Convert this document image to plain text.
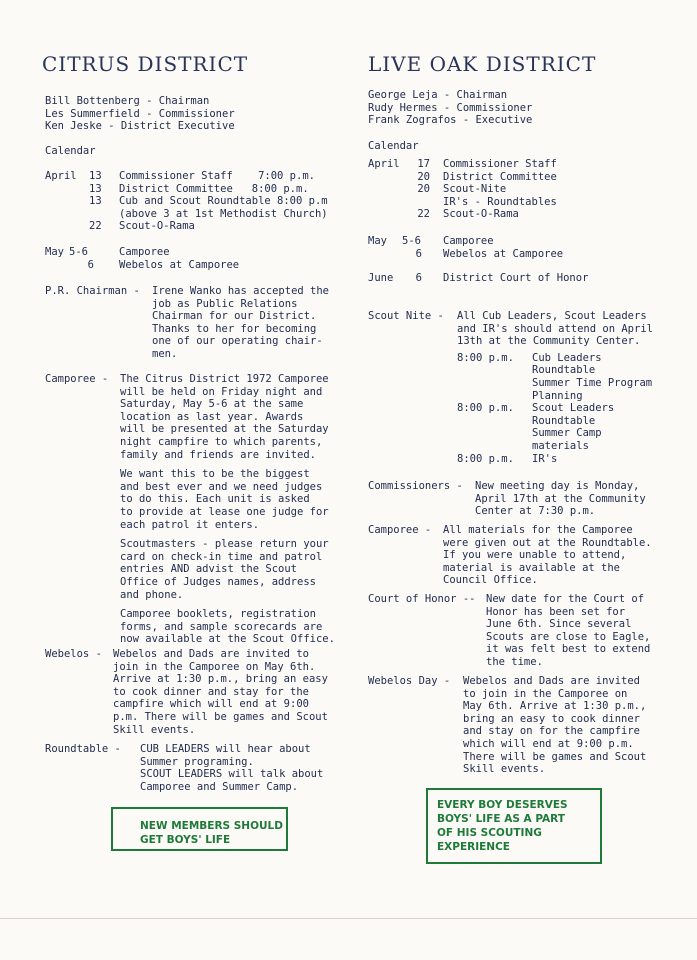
CITRUS DISTRICT
Bill Bottenberg - Chairman
Les Summerfield - Commissioner
Ken Jeske - District Executive
Calendar
April	13 Commissioner Staff    7:00 p.m.
13 District Committee   8:00 p.m.
13 Cub and Scout Roundtable 8:00 p.m
(above 3 at 1st Methodist Church)
22 Scout-O-Rama
May 5-6	Camporee
6 Webelos at Camporee
P.R. Chairman -	Irene Wanko has accepted the
job as Public Relations
Chairman for our District.
Thanks to her for becoming
one of our operating chair-
men.
Camporee -	The Citrus District 1972 Camporee
will be held on Friday night and
Saturday, May 5-6 at the same
location as last year. Awards
will be presented at the Saturday
night campfire to which parents,
family and friends are invited.
We want this to be the biggest
and best ever and we need judges
to do this. Each unit is asked
to provide at lease one judge for
each patrol it enters.
Scoutmasters - please return your
card on check-in time and patrol
entries AND advist the Scout
Office of Judges names, address
and phone.
Camporee booklets, registration
forms, and sample scorecards are
now available at the Scout Office.
Webelos -	Webelos and Dads are invited to
join in the Camporee on May 6th.
Arrive at 1:30 p.m., bring an easy
to cook dinner and stay for the
campfire which will end at 9:00
p.m. There will be games and Scout
Skill events.
Roundtable -	CUB LEADERS will hear about
Summer programing.
SCOUT LEADERS will talk about
Camporee and Summer Camp.
NEW MEMBERS SHOULD
GET BOYS' LIFE
LIVE OAK DISTRICT
George Leja - Chairman
Rudy Hermes - Commissioner
Frank Zografos - Executive
Calendar
April	17 Commissioner Staff
20 District Committee
20 Scout-Nite
IR's - Roundtables
22 Scout-O-Rama
May	5-6	Camporee
6 Webelos at Camporee
June	6 District Court of Honor
Scout Nite -	All Cub Leaders, Scout Leaders
and IR's should attend on April
13th at the Community Center.
8:00 p.m.	Cub Leaders
Roundtable
Summer Time Program
Planning
8:00 p.m.	Scout Leaders
Roundtable
Summer Camp
materials
8:00 p.m.	IR's
Commissioners -	New meeting day is Monday,
April 17th at the Community
Center at 7:30 p.m.
Camporee -	All materials for the Camporee
were given out at the Roundtable.
If you were unable to attend,
material is available at the
Council Office.
Court of Honor --	New date for the Court of
Honor has been set for
June 6th. Since several
Scouts are close to Eagle,
it was felt best to extend
the time.
Webelos Day -	Webelos and Dads are invited
to join in the Camporee on
May 6th. Arrive at 1:30 p.m.,
bring an easy to cook dinner
and stay on for the campfire
which will end at 9:00 p.m.
There will be games and Scout
Skill events.
EVERY BOY DESERVES
BOYS' LIFE AS A PART
OF HIS SCOUTING
EXPERIENCE
